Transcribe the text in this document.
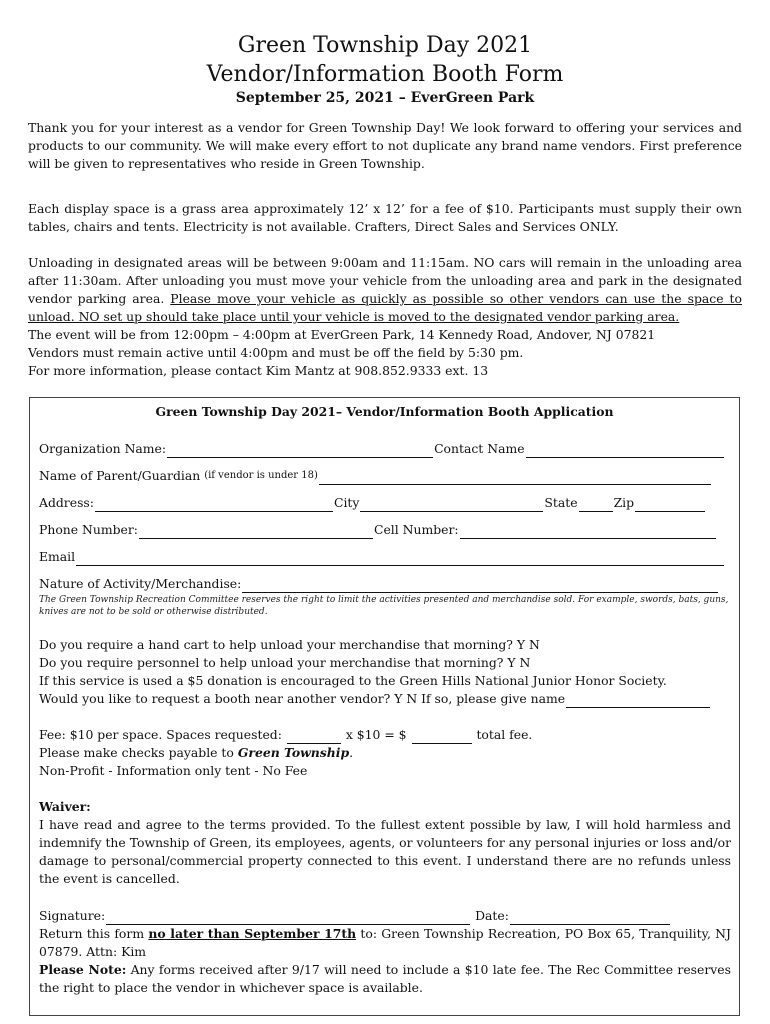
Green Township Day 2021
Vendor/Information Booth Form
September 25, 2021 – EverGreen Park

Thank you for your interest as a vendor for Green Township Day! We look forward to offering your services and products to our community. We will make every effort to not duplicate any brand name vendors. First preference will be given to representatives who reside in Green Township.

Each display space is a grass area approximately 12’ x 12’ for a fee of $10. Participants must supply their own tables, chairs and tents. Electricity is not available. Crafters, Direct Sales and Services ONLY.

Unloading in designated areas will be between 9:00am and 11:15am. NO cars will remain in the unloading area after 11:30am. After unloading you must move your vehicle from the unloading area and park in the designated vendor parking area. Please move your vehicle as quickly as possible so other vendors can use the space to unload. NO set up should take place until your vehicle is moved to the designated vendor parking area.

The event will be from 12:00pm – 4:00pm at EverGreen Park, 14 Kennedy Road, Andover, NJ 07821

Vendors must remain active until 4:00pm and must be off the field by 5:30 pm.

For more information, please contact Kim Mantz at 908.852.9333 ext. 13

Green Township Day 2021– Vendor/Information Booth Application
Organization Name:	Contact Name
Name of Parent/Guardian
(if vendor is under 18)
Address:	City	State	Zip
Phone Number:	Cell Number:
Email
Nature of Activity/Merchandise:
The Green Township Recreation Committee reserves the right to limit the activities presented and merchandise sold. For example, swords, bats, guns, knives are not to be sold or otherwise distributed.
Do you require a hand cart to help unload your merchandise that morning? Y N
Do you require personnel to help unload your merchandise that morning? Y N
If this service is used a $5 donation is encouraged to the Green Hills National Junior Honor Society.
Would you like to request a booth near another vendor? Y N If so, please give name
Fee: $10 per space. Spaces requested:

	x $10 = $

	total fee.
Please make checks payable to Green Township.
Non-Profit - Information only tent - No Fee
Waiver:

I have read and agree to the terms provided. To the fullest extent possible by law, I will hold harmless and indemnify the Township of Green, its employees, agents, or volunteers for any personal injuries or loss and/or damage to personal/commercial property connected to this event. I understand there are no refunds unless the event is cancelled.

Signature:
	Date:

Return this form no later than September 17th to: Green Township Recreation, PO Box 65, Tranquility, NJ 07879. Attn: Kim

Please Note: Any forms received after 9/17 will need to include a $10 late fee. The Rec Committee reserves the right to place the vendor in whichever space is available.
